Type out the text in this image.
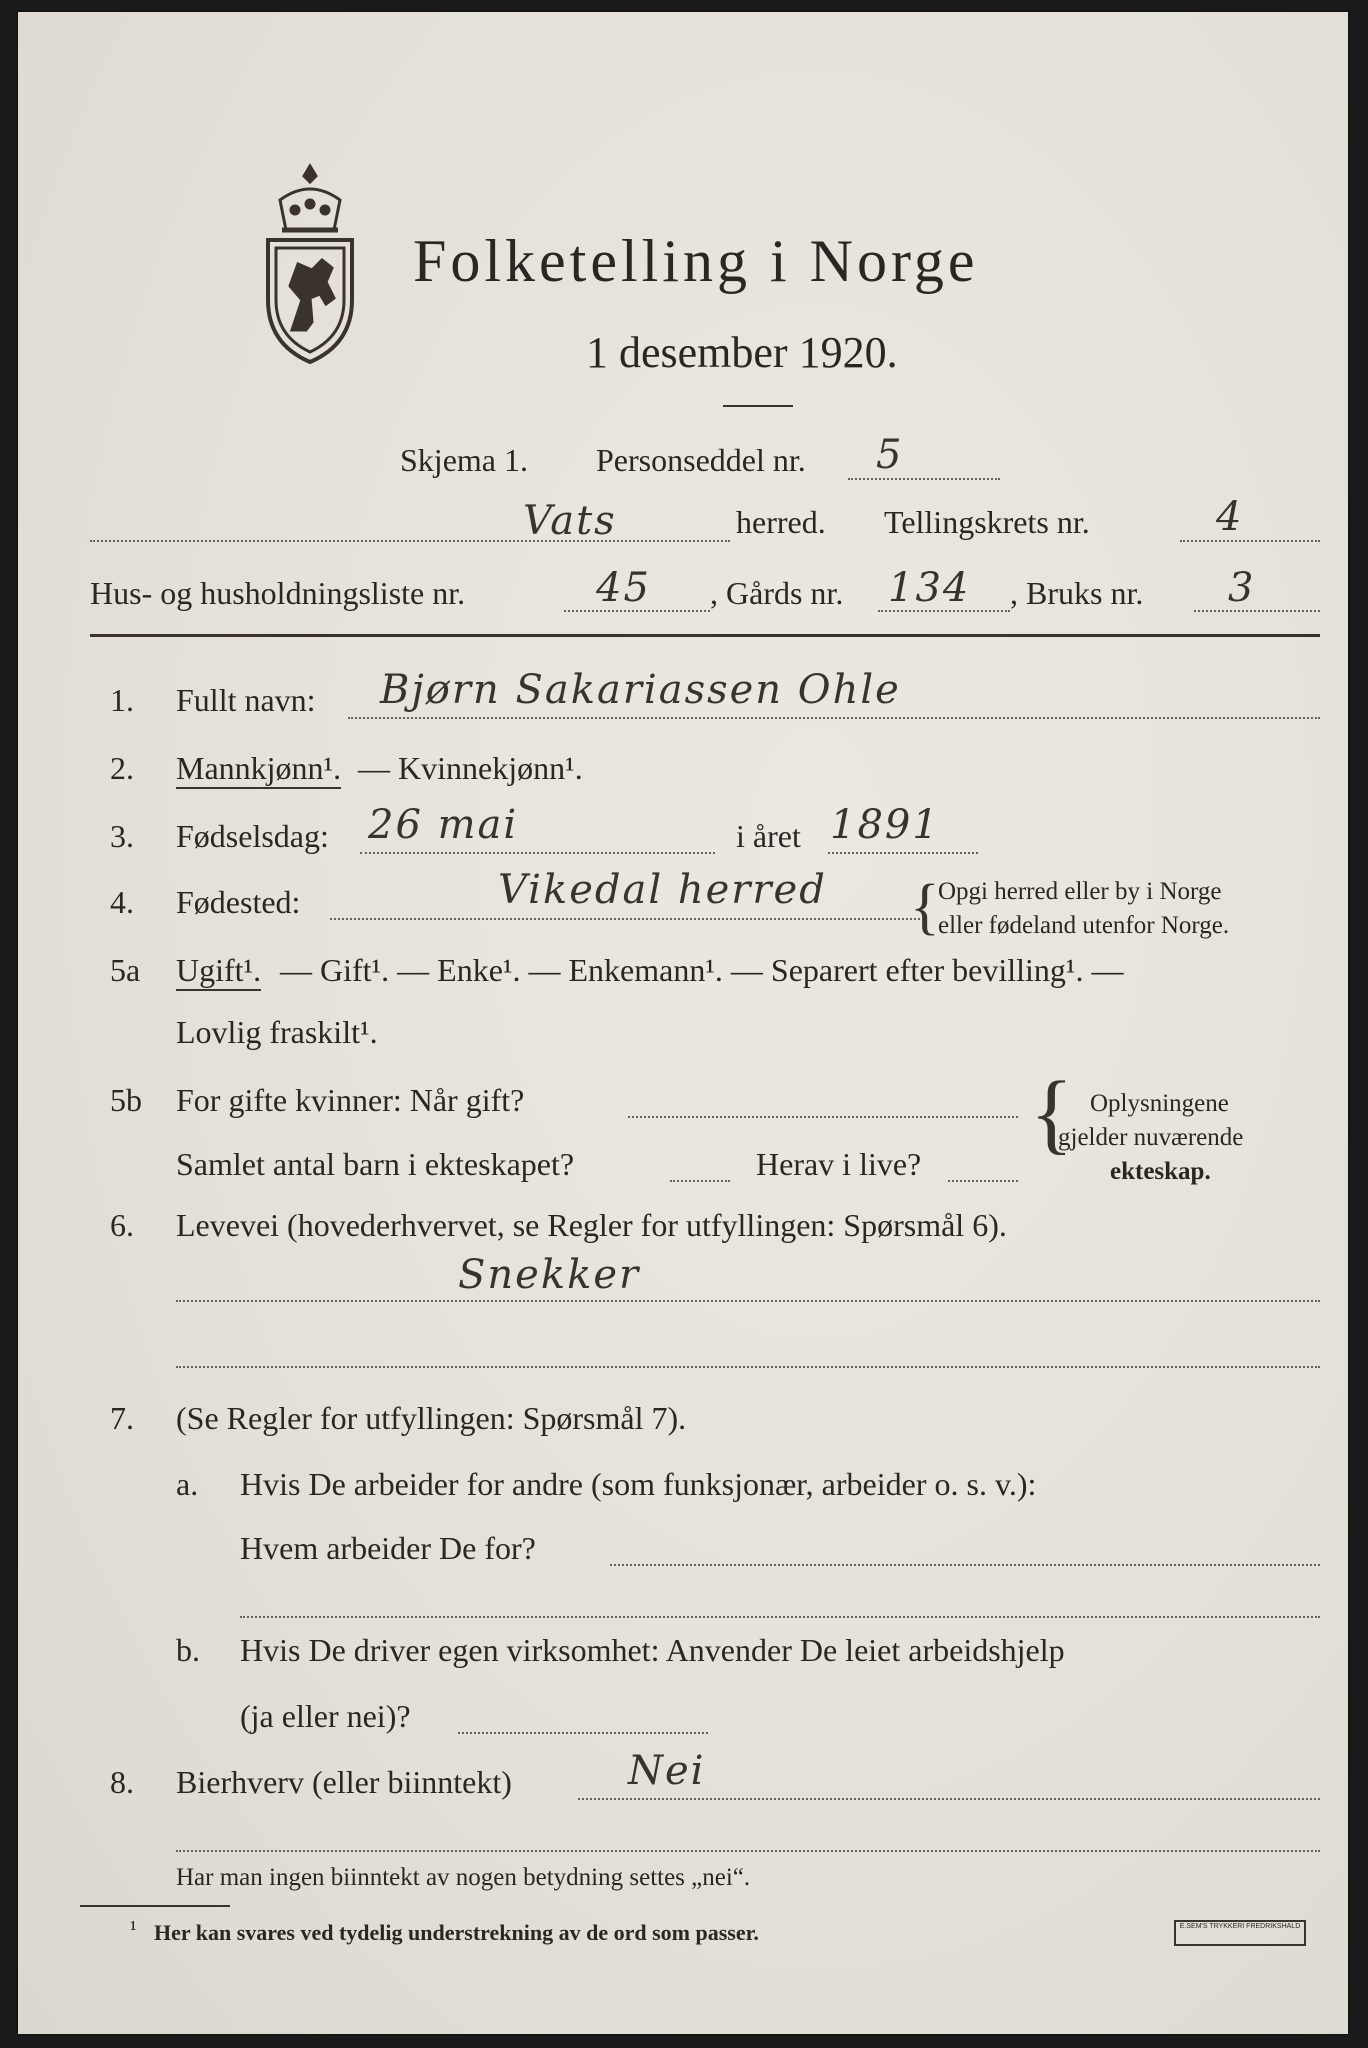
Folketelling i Norge
1 desember 1920.
Skjema 1. Personseddel nr. 5
Vats	herred. Tellingskrets nr.	4
Hus- og husholdningsliste nr.	45 , Gårds nr. 134 , Bruks nr. 3
1. Fullt navn: Bjørn Sakariassen Ohle
2. Mannkjønn¹. — Kvinnekjønn¹.
3. Fødselsdag: 26 mai	i året 1891
4. Fødested:	Vikedal herred {
Opgi herred eller by i Norge
eller fødeland utenfor Norge.
5a Ugift¹. — Gift¹. — Enke¹. — Enkemann¹. — Separert efter bevilling¹. —
Lovlig fraskilt¹.
5b For gifte kvinner: Når gift?
Samlet antal barn i ekteskapet?	Herav i live?
{ Oplysningene
gjelder nuværende
ekteskap.
6. Levevei (hovederhvervet, se Regler for utfyllingen: Spørsmål 6).
Snekker
7. (Se Regler for utfyllingen: Spørsmål 7).
a. Hvis De arbeider for andre (som funksjonær, arbeider o. s. v.):
Hvem arbeider De for?
b. Hvis De driver egen virksomhet: Anvender De leiet arbeidshjelp
(ja eller nei)?
8. Bierhverv (eller biinntekt)	Nei
Har man ingen biinntekt av nogen betydning settes „nei“.
¹ Her kan svares ved tydelig understrekning av de ord som passer.	E.SEM'S TRYKKERI FREDRIKSHALD
